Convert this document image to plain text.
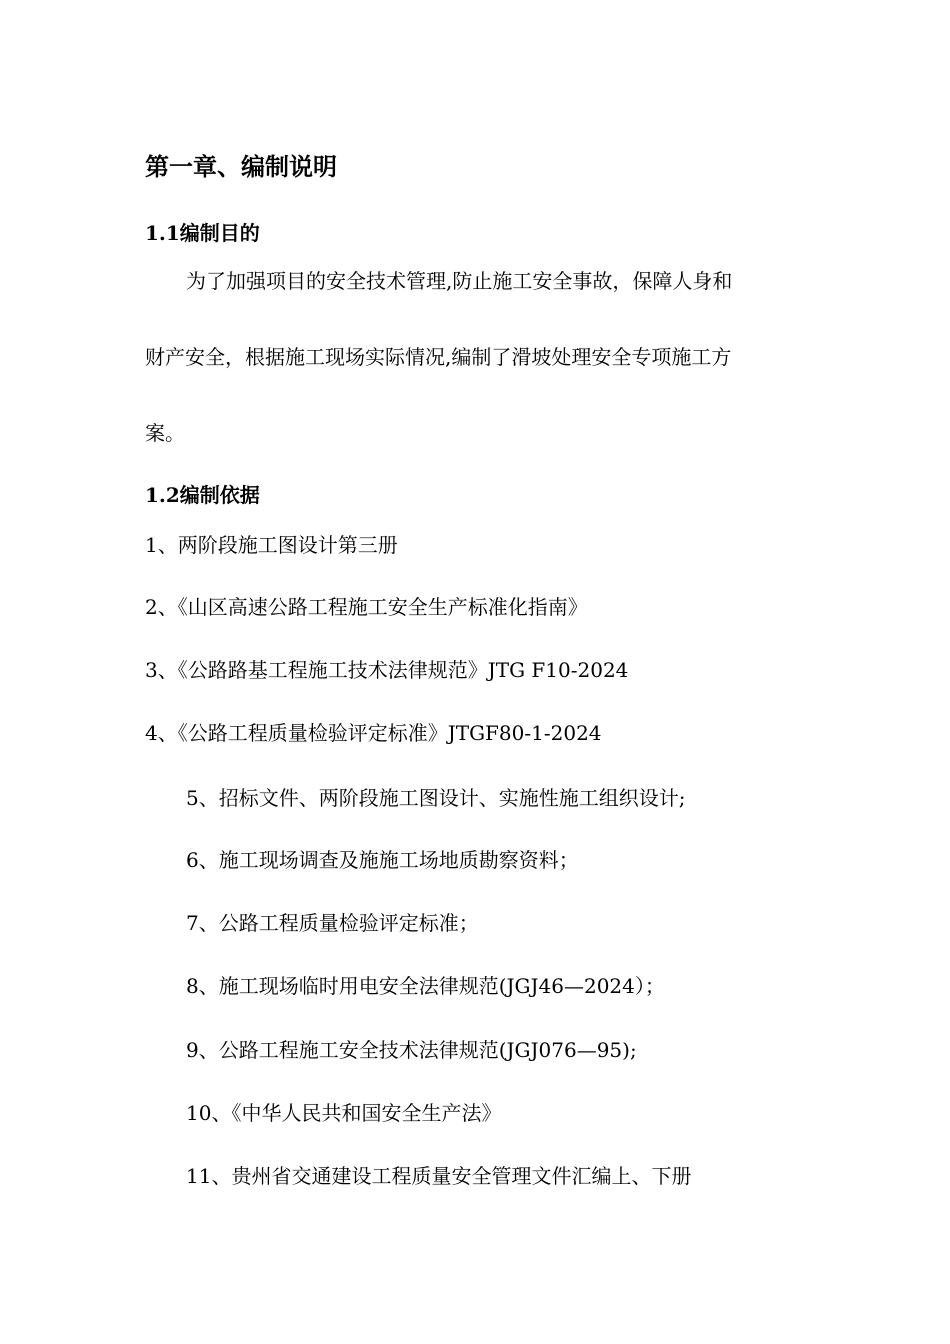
第一章、编制说明
1.1编制目的
为了加强项目的安全技术管理,防止施工安全事故，保障人身和
财产安全，根据施工现场实际情况,编制了滑坡处理安全专项施工方
案。
1.2编制依据
1、两阶段施工图设计第三册
2、《山区高速公路工程施工安全生产标准化指南》
3、《公路路基工程施工技术法律规范》JTG F10-2024
4、《公路工程质量检验评定标准》JTGF80-1-2024
5、招标文件、两阶段施工图设计、实施性施工组织设计;
6、施工现场调查及施施工场地质勘察资料；
7、公路工程质量检验评定标准；
8、施工现场临时用电安全法律规范(JGJ46—2024）；
9、公路工程施工安全技术法律规范(JGJ076—95);
10、《中华人民共和国安全生产法》
11、贵州省交通建设工程质量安全管理文件汇编上、下册
